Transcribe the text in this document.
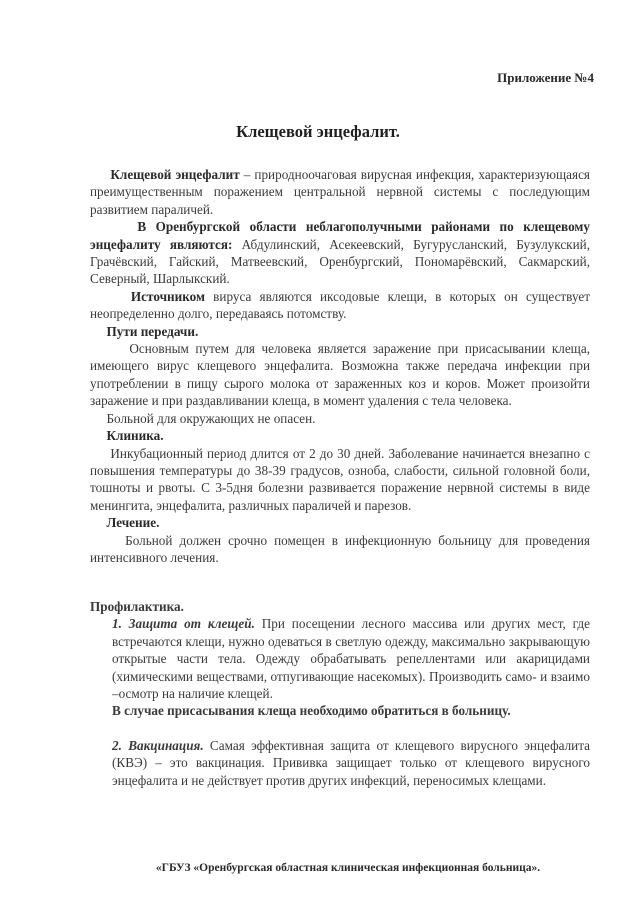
Приложение №4
Клещевой энцефалит.

Клещевой энцефалит – природноочаговая вирусная инфекция, характеризующаяся преимущественным поражением центральной нервной системы с последующим развитием параличей.

В Оренбургской области неблагополучными районами по клещевому энцефалиту являются: Абдулинский, Асекеевский, Бугурусланский, Бузулукский, Грачёвский, Гайский, Матвеевский, Оренбургский, Пономарёвский, Сакмарский, Северный, Шарлыкский.

Источником вируса являются иксодовые клещи, в которых он существует неопределенно долго, передаваясь потомству.

Пути передачи.

Основным путем для человека является заражение при присасывании клеща, имеющего вирус клещевого энцефалита. Возможна также передача инфекции при употреблении в пищу сырого молока от зараженных коз и коров. Может произойти заражение и при раздавливании клеща, в момент удаления с тела человека.

Больной для окружающих не опасен.

Клиника.

Инкубационный период длится от 2 до 30 дней. Заболевание начинается внезапно с повышения температуры до 38-39 градусов, озноба, слабости, сильной головной боли, тошноты и рвоты. С 3-5дня болезни развивается поражение нервной системы в виде менингита, энцефалита, различных параличей и парезов.

Лечение.

Больной должен срочно помещен в инфекционную больницу для проведения интенсивного лечения.

Профилактика.

1. Защита от клещей. При посещении лесного массива или других мест, где встречаются клещи, нужно одеваться в светлую одежду, максимально закрывающую открытые части тела. Одежду обрабатывать репеллентами или акарицидами (химическими веществами, отпугивающие насекомых). Производить само- и взаимо –осмотр на наличие клещей.

В случае присасывания клеща необходимо обратиться в больницу.

2. Вакцинация. Самая эффективная защита от клещевого вирусного энцефалита (КВЭ) – это вакцинация. Прививка защищает только от клещевого вирусного энцефалита и не действует против других инфекций, переносимых клещами.

«ГБУЗ «Оренбургская областная клиническая инфекционная больница».
